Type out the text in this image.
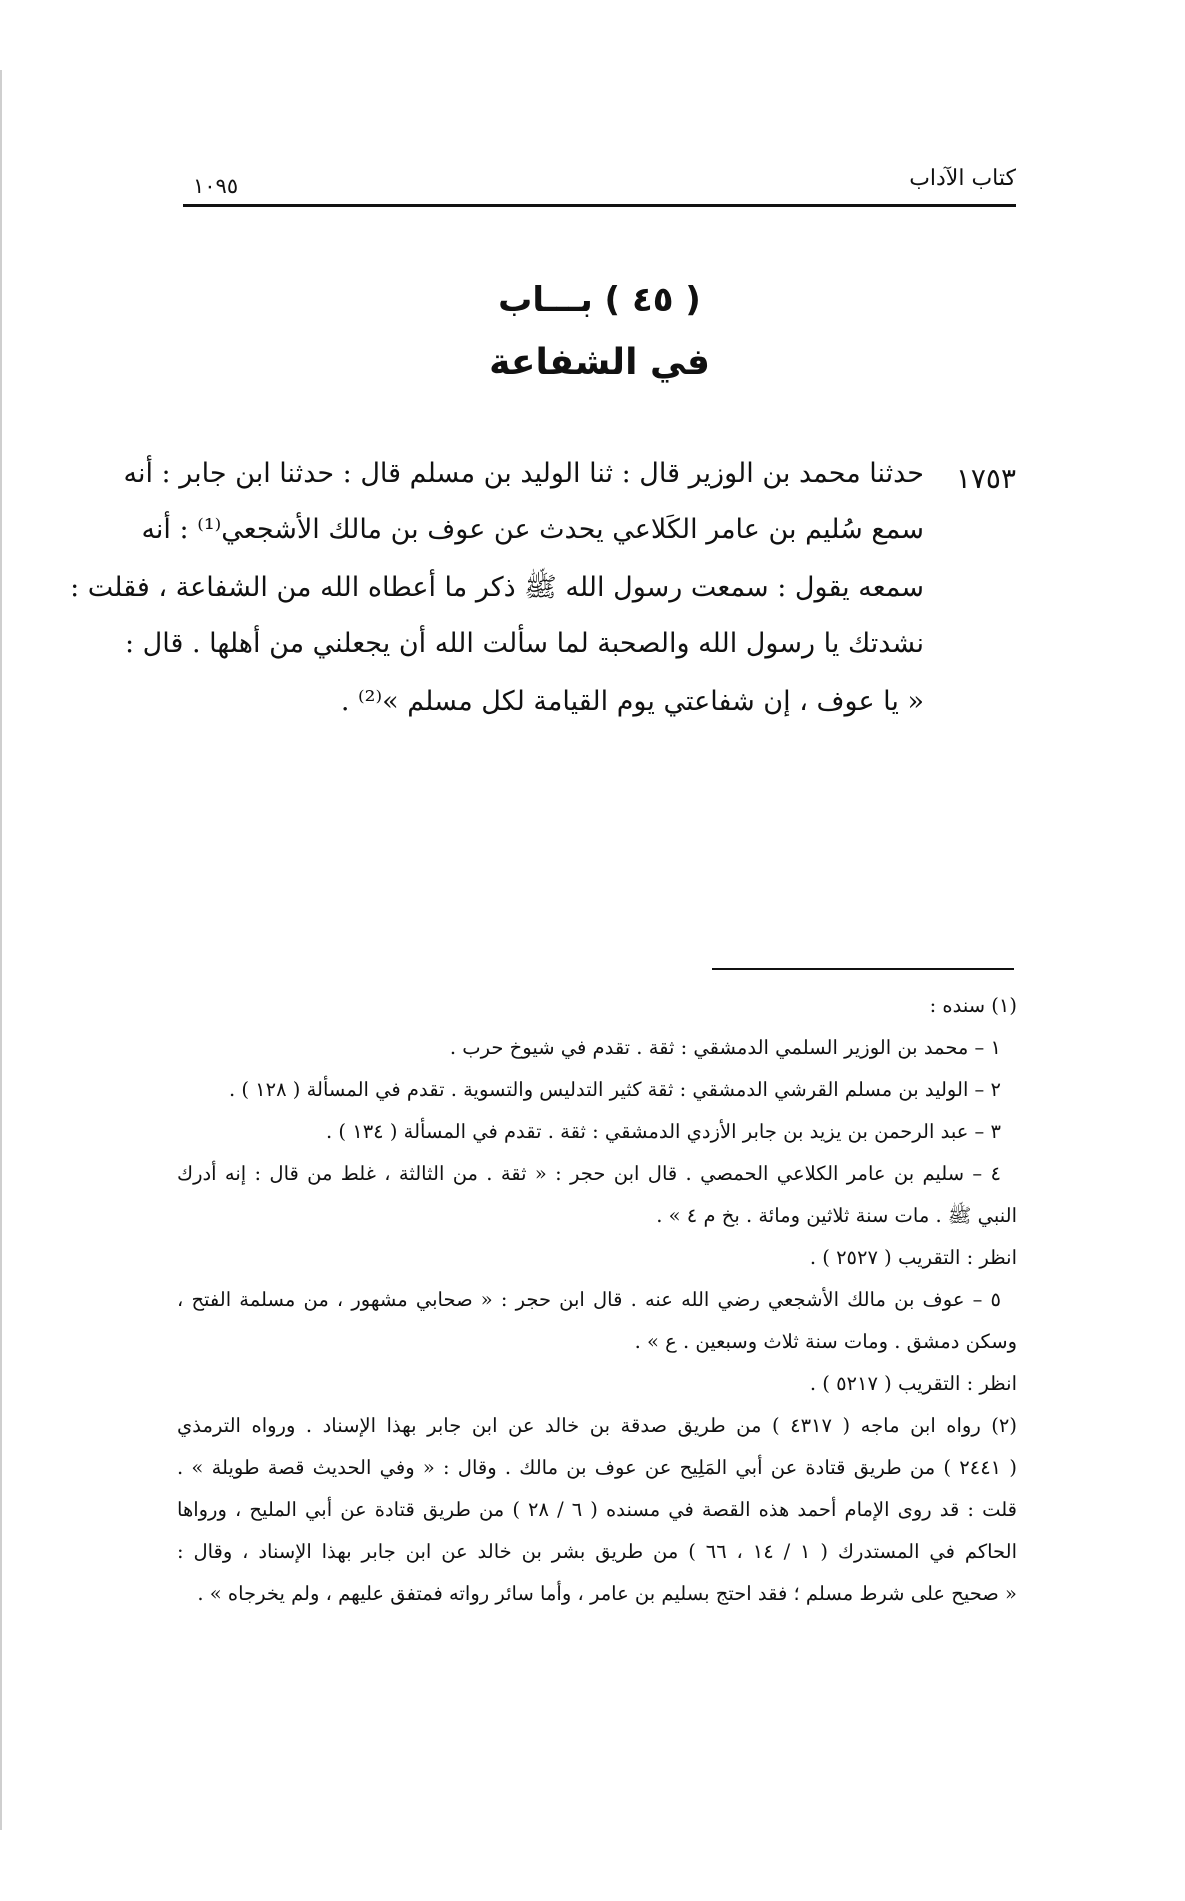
كتاب الآداب
١٠٩٥
( ٤٥ ) بـــاب
في الشفاعة
١٧٥٣
حدثنا محمد بن الوزير قال : ثنا الوليد بن مسلم قال : حدثنا ابن جابر : أنه
سمع سُليم بن عامر الكَلاعي يحدث عن عوف بن مالك الأشجعي⁽¹⁾ : أنه
سمعه يقول : سمعت رسول الله ﷺ ذكر ما أعطاه الله من الشفاعة ، فقلت :
نشدتك يا رسول الله والصحبة لما سألت الله أن يجعلني من أهلها . قال :
« يا عوف ، إن شفاعتي يوم القيامة لكل مسلم »⁽²⁾ .
(١) سنده :
١ – محمد بن الوزير السلمي الدمشقي : ثقة . تقدم في شيوخ حرب .
٢ – الوليد بن مسلم القرشي الدمشقي : ثقة كثير التدليس والتسوية . تقدم في المسألة ( ١٢٨ ) .
٣ – عبد الرحمن بن يزيد بن جابر الأزدي الدمشقي : ثقة . تقدم في المسألة ( ١٣٤ ) .
٤ – سليم بن عامر الكلاعي الحمصي . قال ابن حجر : « ثقة . من الثالثة ، غلط من قال : إنه أدرك
النبي ﷺ . مات سنة ثلاثين ومائة . بخ م ٤ » .
انظر : التقريب ( ٢٥٢٧ ) .
٥ – عوف بن مالك الأشجعي رضي الله عنه . قال ابن حجر : « صحابي مشهور ، من مسلمة الفتح ،
وسكن دمشق . ومات سنة ثلاث وسبعين . ع » .
انظر : التقريب ( ٥٢١٧ ) .
(٢) رواه ابن ماجه ( ٤٣١٧ ) من طريق صدقة بن خالد عن ابن جابر بهذا الإسناد . ورواه الترمذي
( ٢٤٤١ ) من طريق قتادة عن أبي المَلِيح عن عوف بن مالك . وقال : « وفي الحديث قصة طويلة » .
قلت : قد روى الإمام أحمد هذه القصة في مسنده ( ٦ / ٢٨ ) من طريق قتادة عن أبي المليح ، ورواها
الحاكم في المستدرك ( ١ / ١٤ ، ٦٦ ) من طريق بشر بن خالد عن ابن جابر بهذا الإسناد ، وقال :
« صحيح على شرط مسلم ؛ فقد احتج بسليم بن عامر ، وأما سائر رواته فمتفق عليهم ، ولم يخرجاه » .
